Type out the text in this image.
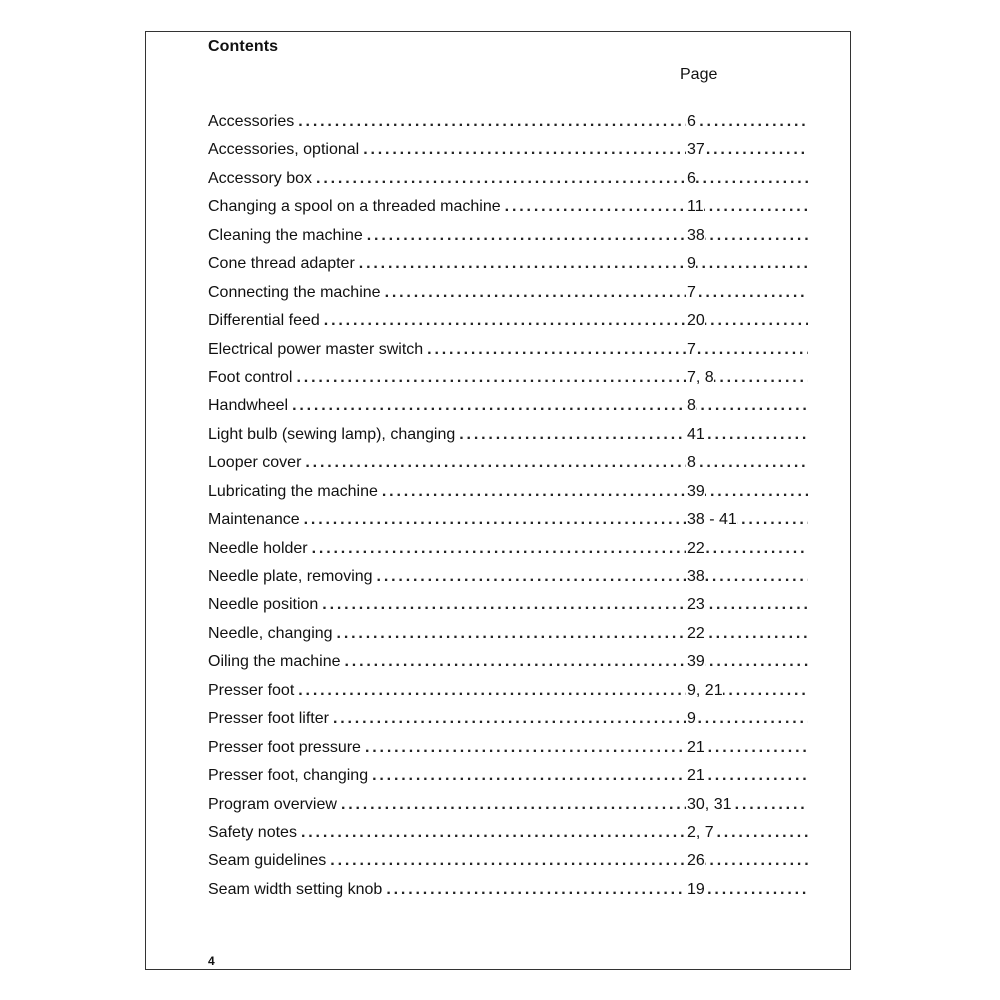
Contents
Page
Accessories . . .	6
Accessories, optional . . .	37
Accessory box . . .	6
Changing a spool on a threaded machine . . .	11
Cleaning the machine . . .	38
Cone thread adapter . . .	9
Connecting the machine . . .	7
Differential feed . . .	20
Electrical power master switch . . .	7
Foot control . . .	7, 8
Handwheel . . .	8
Light bulb (sewing lamp), changing . . .	41
Looper cover . . .	8
Lubricating the machine . . .	39
Maintenance . . .	38 - 41
Needle holder . . .	22
Needle plate, removing . . .	38
Needle position . . .	23
Needle, changing . . .	22
Oiling the machine . . .	39
Presser foot . . .	9, 21
Presser foot lifter . . .	9
Presser foot pressure . . .	21
Presser foot, changing . . .	21
Program overview . . .	30, 31
Safety notes . . .	2, 7
Seam guidelines . . .	26
Seam width setting knob . . .	19
4
